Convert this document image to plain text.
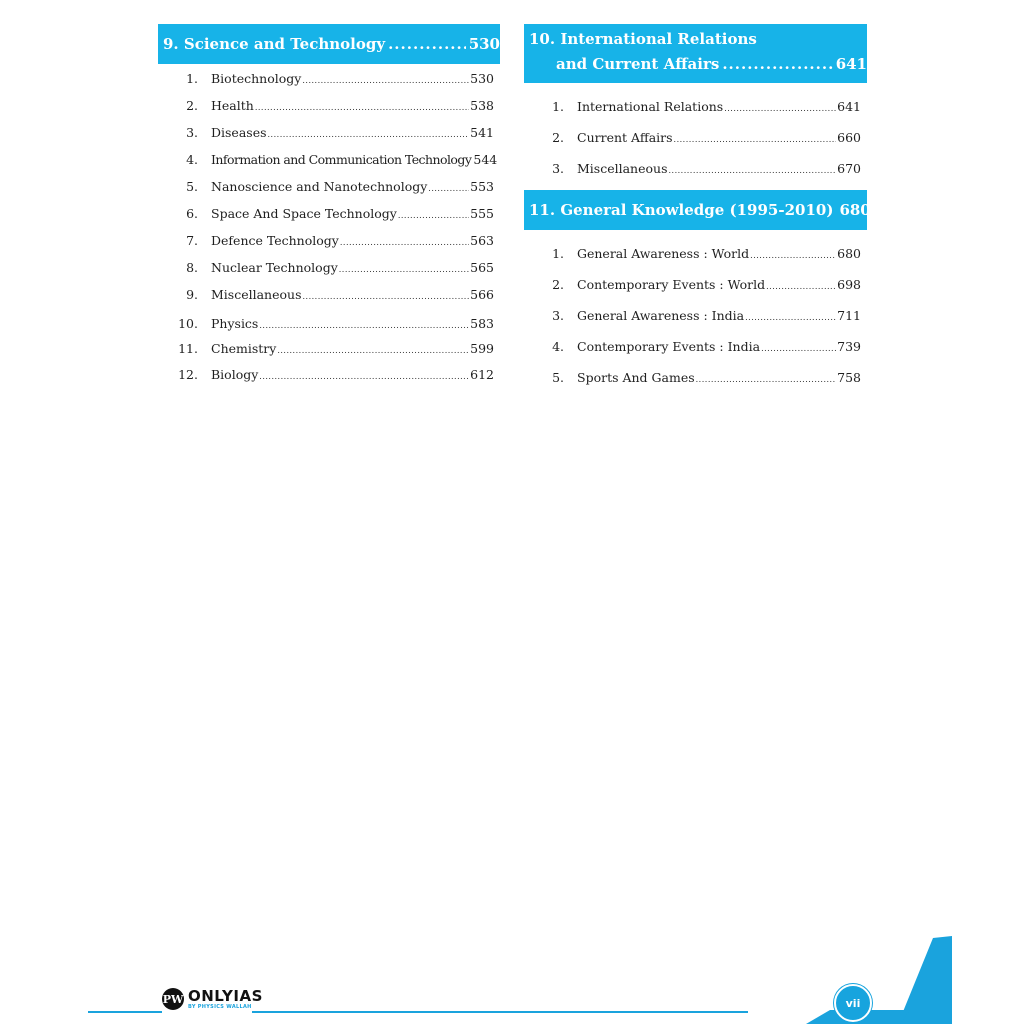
9. Science and Technology .....	530
1.	Biotechnology .....	530
2.	Health .....	538
3.	Diseases .....	541
4.	Information and Communication Technology 544
5.	Nanoscience and Nanotechnology .....	553
6.	Space And Space Technology .....	555
7.	Defence Technology .....	563
8.	Nuclear Technology .....	565
9.	Miscellaneous .....	566
10.	Physics .....	583
11.	Chemistry .....	599
12.	Biology .....	612
10. International Relations
and Current Affairs .....	641
1.	International Relations .....	641
2.	Current Affairs .....	660
3.	Miscellaneous .....	670
11. General Knowledge (1995-2010) 680
1.	General Awareness : World .....	680
2.	Contemporary Events : World .....	698
3.	General Awareness : India .....	711
4.	Contemporary Events : India .....	739
5.	Sports And Games .....	758
PW ONLYIAS
BY PHYSICS WALLAH	vii
